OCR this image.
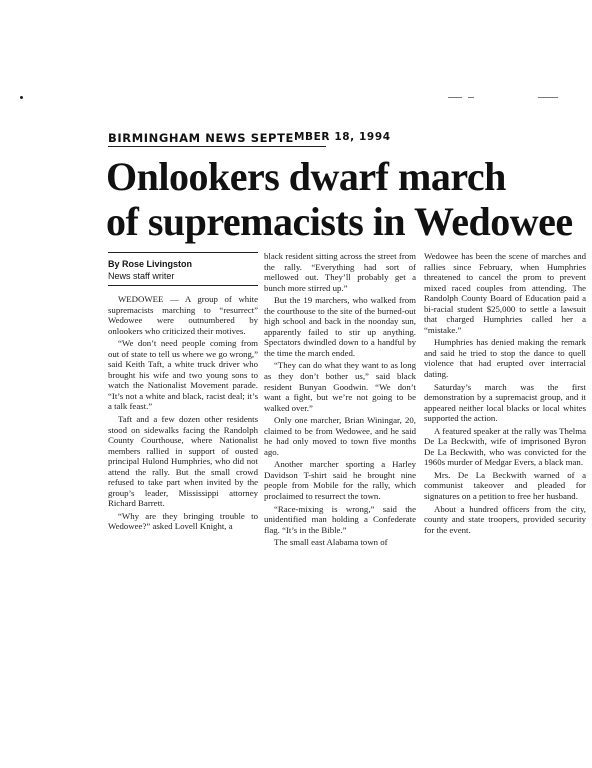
BIRMINGHAM NEWS SEPTEMBER 18, 1994
Onlookers dwarf march
of supremacists in Wedowee
By Rose Livingston
News staff writer

WEDOWEE — A group of white supremacists marching to “resurrect” Wedowee were outnumbered by onlookers who criticized their motives.

“We don’t need people coming from out of state to tell us where we go wrong,” said Keith Taft, a white truck driver who brought his wife and two young sons to watch the Nationalist Movement parade. “It’s not a white and black, racist deal; it’s a talk feast.”

Taft and a few dozen other residents stood on sidewalks facing the Randolph County Courthouse, where Nationalist members rallied in support of ousted principal Hulond Humphries, who did not attend the rally. But the small crowd refused to take part when invited by the group’s leader, Mississippi attorney Richard Barrett.

“Why are they bringing trouble to Wedowee?” asked Lovell Knight, a

black resident sitting across the street from the rally. “Everything had sort of mellowed out. They’ll probably get a bunch more stirred up.”

But the 19 marchers, who walked from the courthouse to the site of the burned-out high school and back in the noonday sun, apparently failed to stir up anything. Spectators dwindled down to a handful by the time the march ended.

“They can do what they want to as long as they don’t bother us,” said black resident Bunyan Goodwin. “We don’t want a fight, but we’re not going to be walked over.”

Only one marcher, Brian Winingar, 20, claimed to be from Wedowee, and he said he had only moved to town five months ago.

Another marcher sporting a Harley Davidson T-shirt said he brought nine people from Mobile for the rally, which proclaimed to resurrect the town.

“Race-mixing is wrong,” said the unidentified man holding a Confederate flag. “It’s in the Bible.”

The small east Alabama town of

Wedowee has been the scene of marches and rallies since February, when Humphries threatened to cancel the prom to prevent mixed raced couples from attending. The Randolph County Board of Education paid a bi-racial student $25,000 to settle a lawsuit that charged Humphries called her a “mistake.”

Humphries has denied making the remark and said he tried to stop the dance to quell violence that had erupted over interracial dating.

Saturday’s march was the first demonstration by a supremacist group, and it appeared neither local blacks or local whites supported the action.

A featured speaker at the rally was Thelma De La Beckwith, wife of imprisoned Byron De La Beckwith, who was convicted for the 1960s murder of Medgar Evers, a black man.

Mrs. De La Beckwith warned of a communist takeover and pleaded for signatures on a petition to free her husband.

About a hundred officers from the city, county and state troopers, provided security for the event.
